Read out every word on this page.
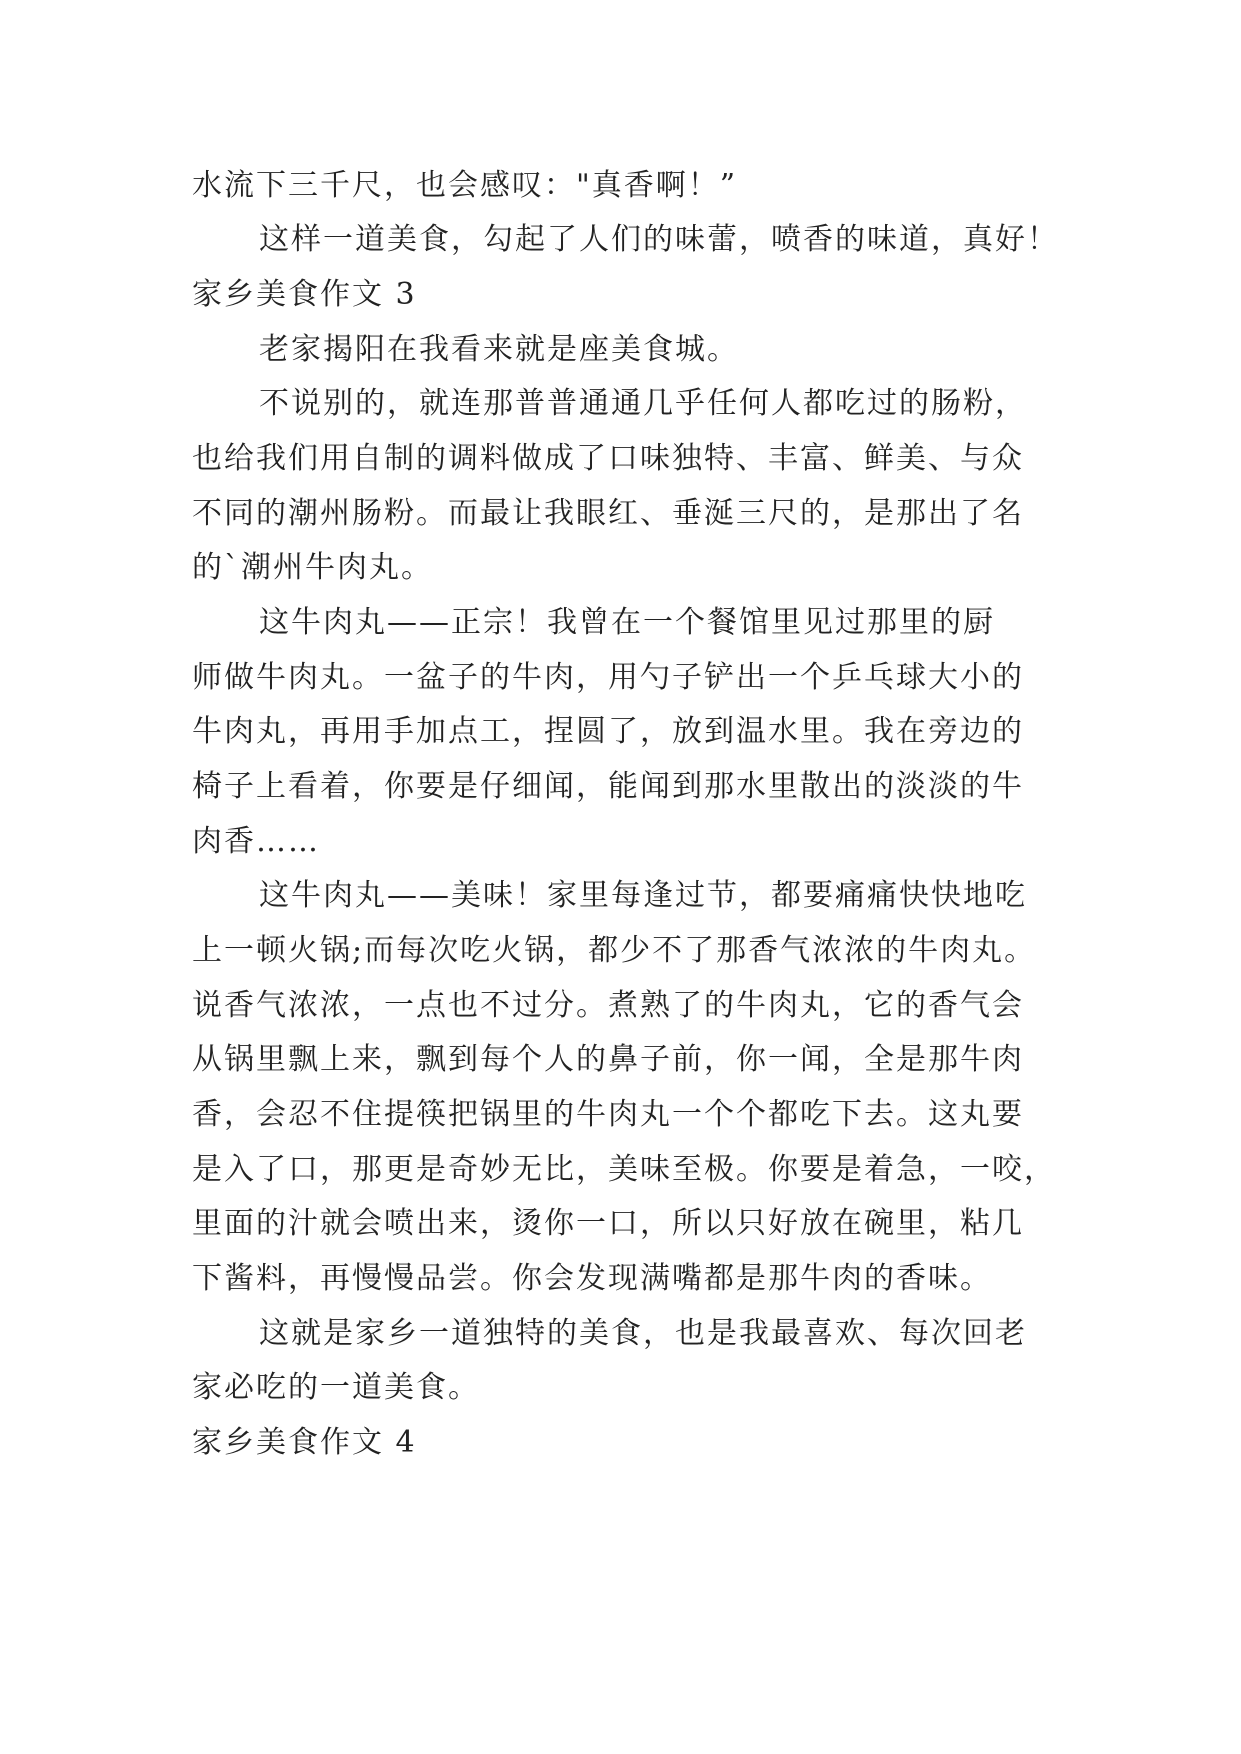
水流下三千尺，也会感叹："真香啊！”
这样一道美食，勾起了人们的味蕾，喷香的味道，真好！
家乡美食作文 3
老家揭阳在我看来就是座美食城。
不说别的，就连那普普通通几乎任何人都吃过的肠粉，
也给我们用自制的调料做成了口味独特、丰富、鲜美、与众
不同的潮州肠粉。而最让我眼红、垂涎三尺的，是那出了名
的`潮州牛肉丸。
这牛肉丸——正宗！我曾在一个餐馆里见过那里的厨
师做牛肉丸。一盆子的牛肉，用勺子铲出一个乒乓球大小的
牛肉丸，再用手加点工，捏圆了，放到温水里。我在旁边的
椅子上看着，你要是仔细闻，能闻到那水里散出的淡淡的牛
肉香……
这牛肉丸——美味！家里每逢过节，都要痛痛快快地吃
上一顿火锅;而每次吃火锅，都少不了那香气浓浓的牛肉丸。
说香气浓浓，一点也不过分。煮熟了的牛肉丸，它的香气会
从锅里飘上来，飘到每个人的鼻子前，你一闻，全是那牛肉
香，会忍不住提筷把锅里的牛肉丸一个个都吃下去。这丸要
是入了口，那更是奇妙无比，美味至极。你要是着急，一咬，
里面的汁就会喷出来，烫你一口，所以只好放在碗里，粘几
下酱料，再慢慢品尝。你会发现满嘴都是那牛肉的香味。
这就是家乡一道独特的美食，也是我最喜欢、每次回老
家必吃的一道美食。
家乡美食作文 4
